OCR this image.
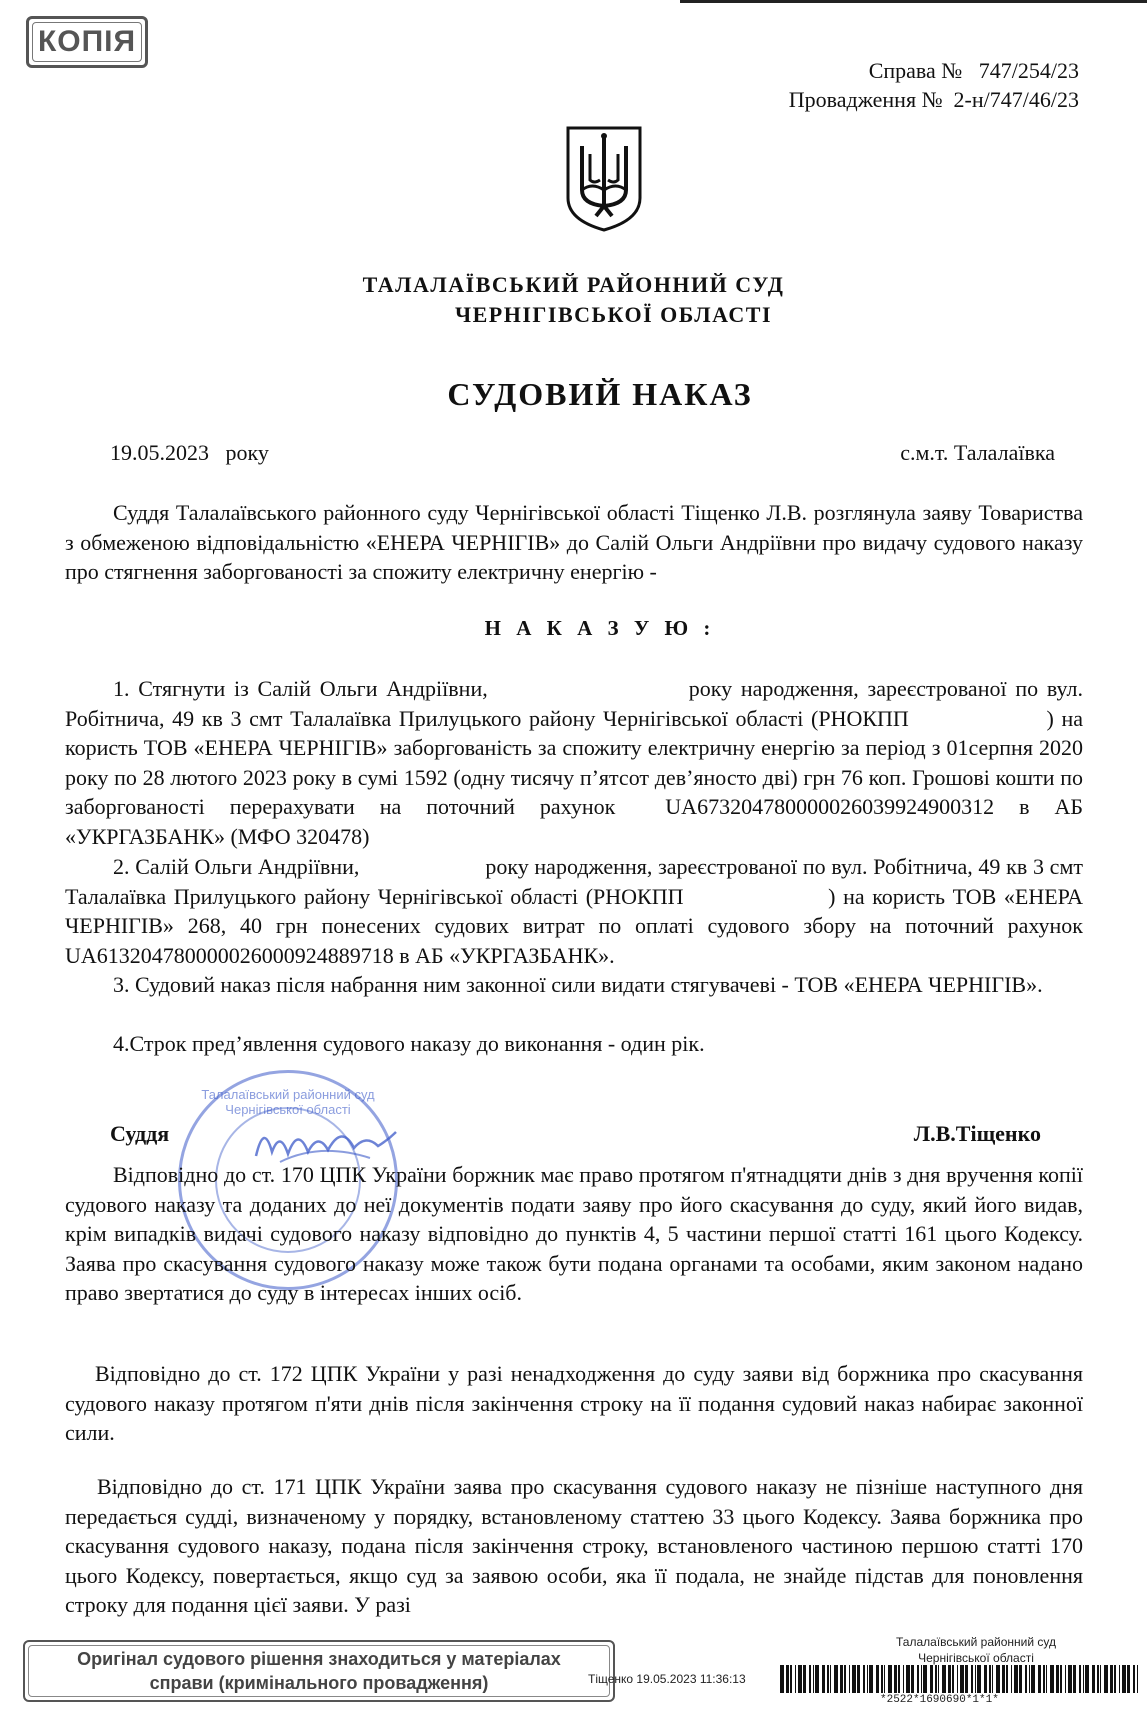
КОПІЯ
Справа №   747/254/23
Провадження №  2-н/747/46/23
ТАЛАЛАЇВСЬКИЙ РАЙОННИЙ СУД
ЧЕРНІГІВСЬКОЇ ОБЛАСТІ
СУДОВИЙ НАКАЗ
19.05.2023   року	с.м.т. Талалаївка

Суддя Талалаївського районного суду Чернігівської області Тіщенко Л.В. розглянула заяву Товариства з обмеженою відповідальністю «ЕНЕРА ЧЕРНІГІВ» до Салій Ольги Андріївни про видачу судового наказу про стягнення заборгованості за спожиту електричну енергію -

Н А К А З У Ю :

1. Стягнути із Салій Ольги Андріївни,                       року народження, зареєстрованої по вул. Робітнича, 49 кв 3 смт Талалаївка Прилуцького району Чернігівської області (РНОКПП                  ) на користь ТОВ «ЕНЕРА ЧЕРНІГІВ» заборгованість за спожиту електричну енергію за період з 01серпня 2020 року по 28 лютого 2023 року в сумі 1592 (одну тисячу п’ятсот дев’яносто дві) грн 76 коп. Грошові кошти по заборгованості перерахувати на поточний рахунок  UA673204780000026039924900312 в АБ «УКРГАЗБАНК» (МФО 320478)

2. Салій Ольги Андріївни,                      року народження, зареєстрованої по вул. Робітнича, 49 кв 3 смт Талалаївка Прилуцького району Чернігівської області (РНОКПП                   ) на користь ТОВ «ЕНЕРА ЧЕРНІГІВ» 268, 40 грн понесених судових витрат по оплаті судового збору на поточний рахунок UA613204780000026000924889718 в АБ «УКРГАЗБАНК».

3. Судовий наказ після набрання ним законної сили видати стягувачеві - ТОВ «ЕНЕРА ЧЕРНІГІВ».

4.Строк пред’явлення судового наказу до виконання - один рік.

Талалаївський районний суд Чернігівської області
Суддя	Л.В.Тіщенко

Відповідно до ст. 170 ЦПК України боржник має право протягом п'ятнадцяти днів з дня вручення копії судового наказу та доданих до неї документів подати заяву про його скасування до суду, який його видав, крім випадків видачі судового наказу відповідно до пунктів 4, 5 частини першої статті 161 цього Кодексу. Заява про скасування судового наказу може також бути подана органами та особами, яким законом надано право звертатися до суду в інтересах інших осіб.

Відповідно до ст. 172 ЦПК України у разі ненадходження до суду заяви від боржника про скасування судового наказу протягом п'яти днів після закінчення строку на її подання судовий наказ набирає законної сили.

Відповідно до ст. 171 ЦПК України заява про скасування судового наказу не пізніше наступного дня передається судді, визначеному у порядку, встановленому статтею 33 цього Кодексу. Заява боржника про скасування судового наказу, подана після закінчення строку, встановленого частиною першою статті 170 цього Кодексу, повертається, якщо суд за заявою особи, яка її подала, не знайде підстав для поновлення строку для подання цієї заяви. У разі

Оригінал судового рішення знаходиться у матеріалах
справи (кримінального провадження)	Тіщенко 19.05.2023 11:36:13
Талалаївський районний суд
Чернігівської області
*2522*1690690*1*1*
